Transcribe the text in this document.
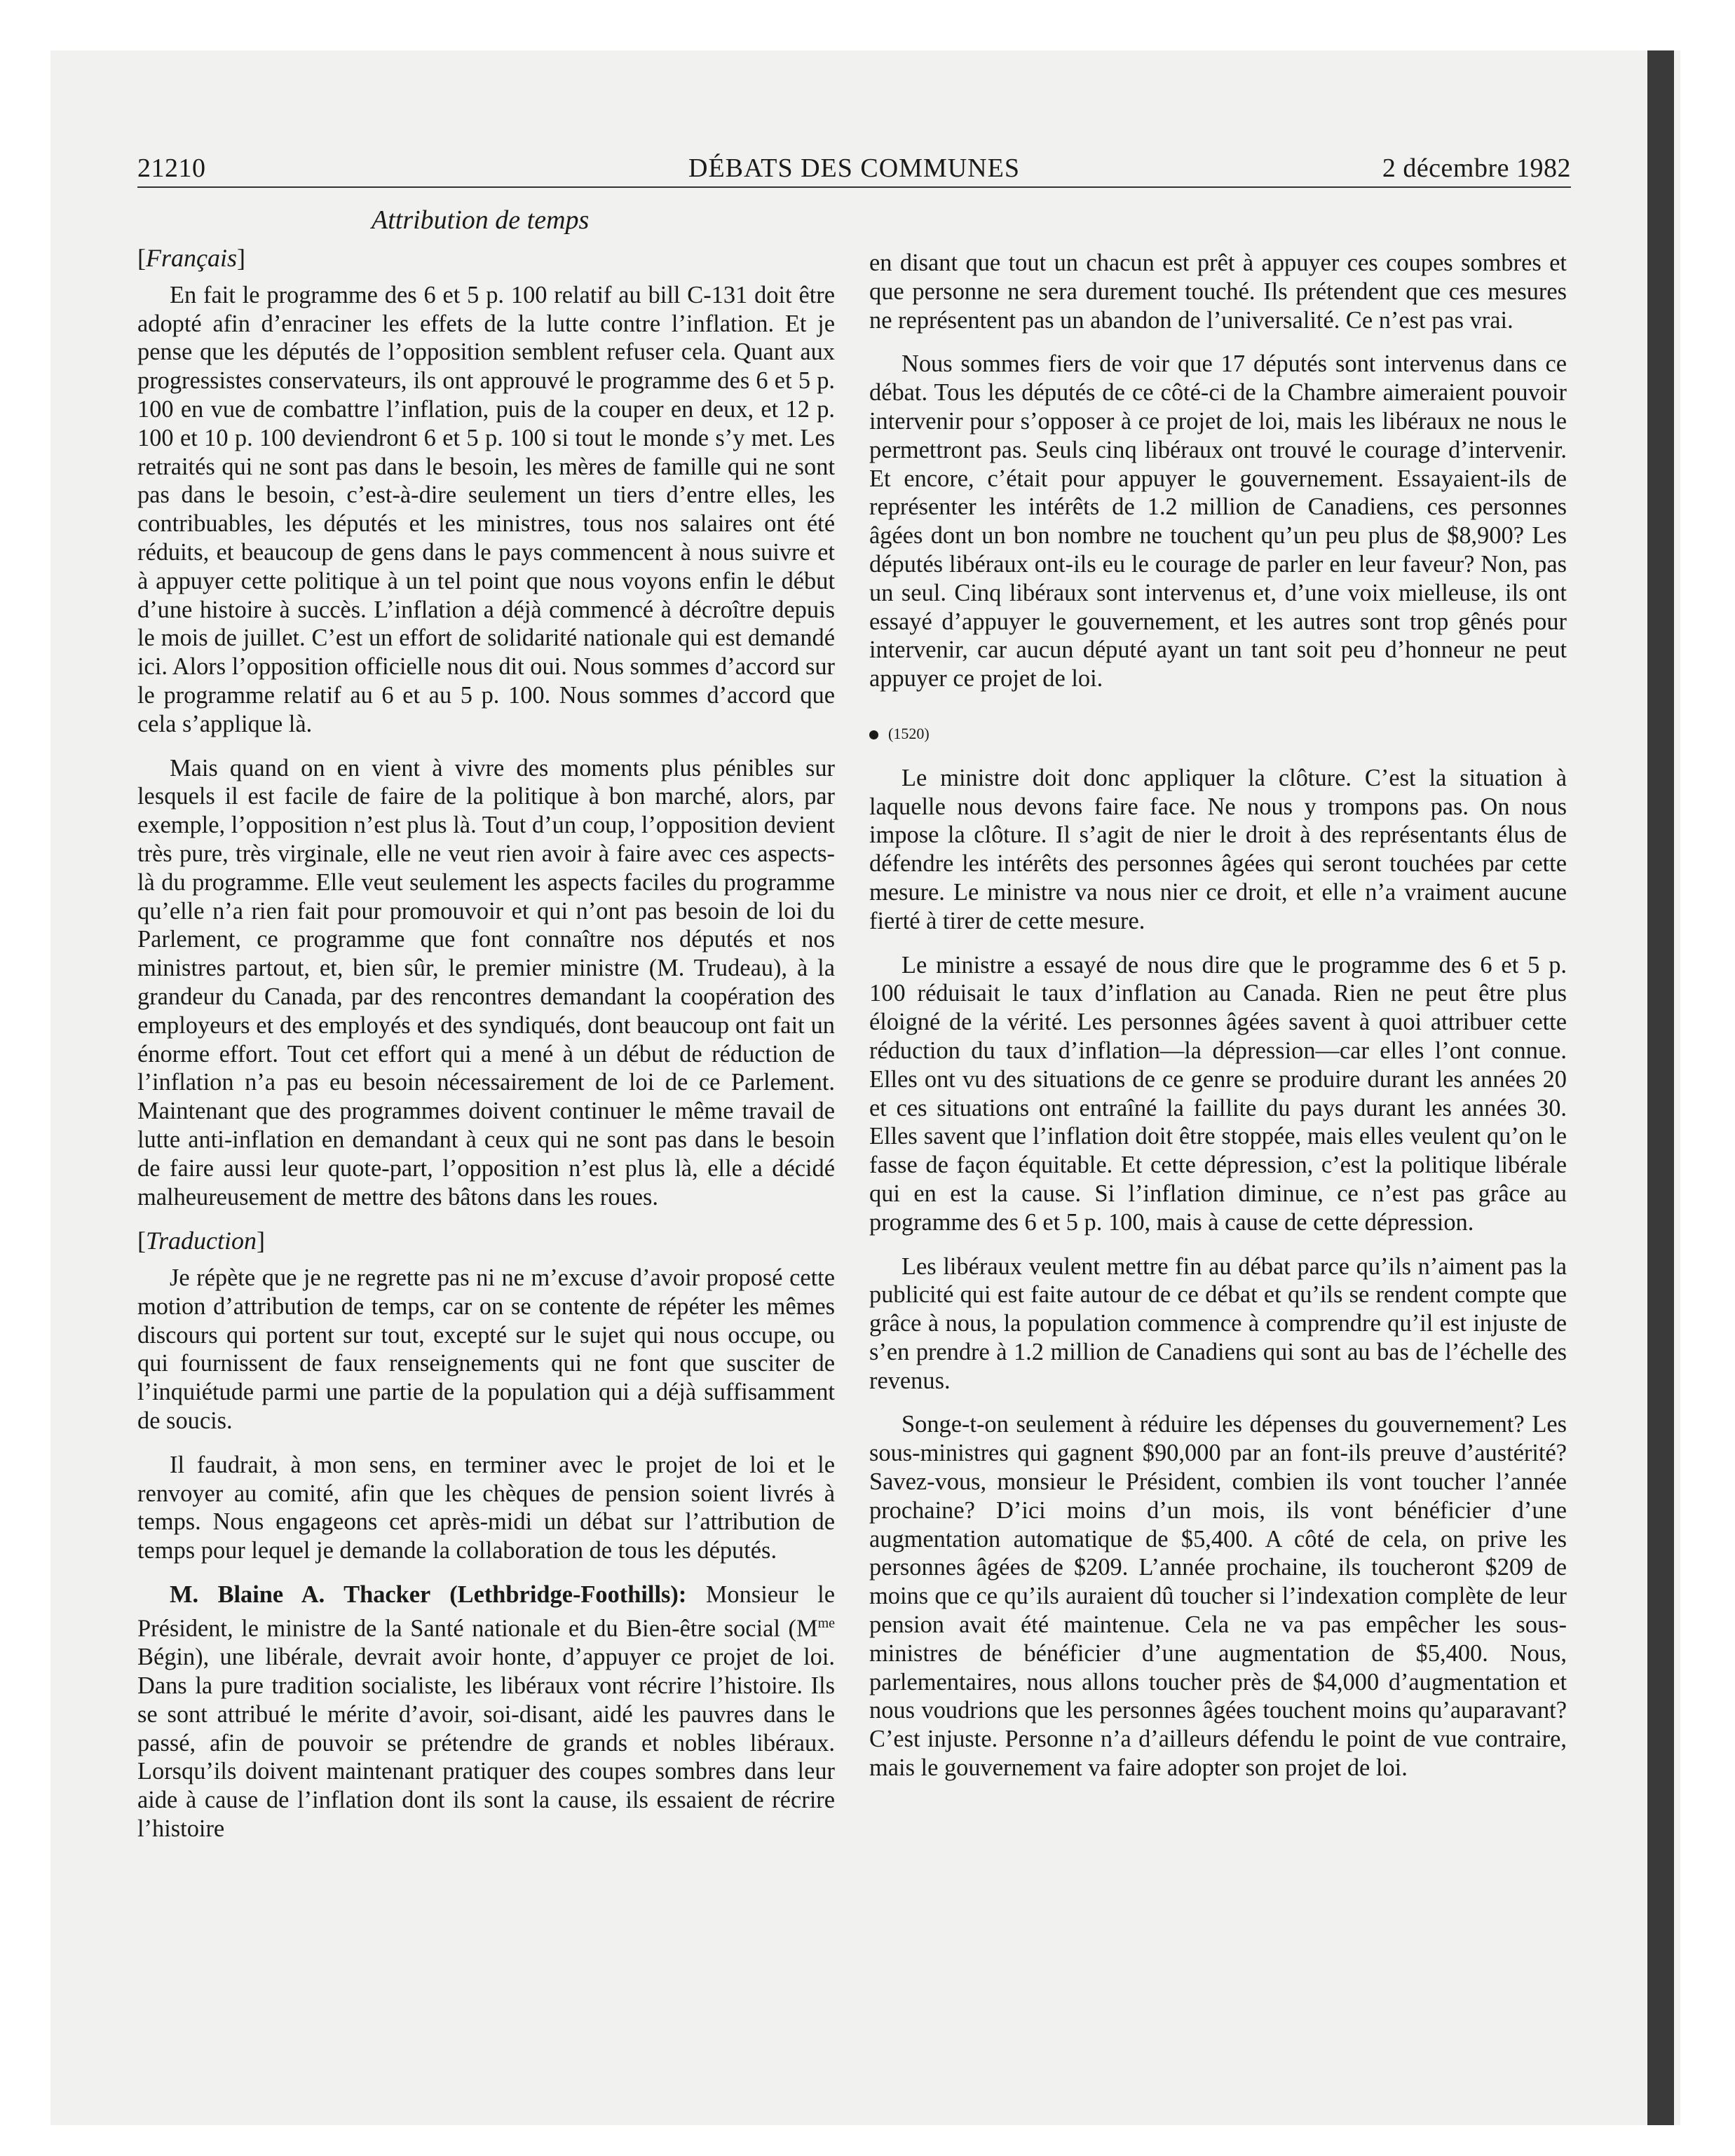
21210	DÉBATS DES COMMUNES	2 décembre 1982
Attribution de temps

[Français]

En fait le programme des 6 et 5 p. 100 relatif au bill C-131 doit être adopté afin d’enraciner les effets de la lutte contre l’inflation. Et je pense que les députés de l’opposition semblent refuser cela. Quant aux progressistes conservateurs, ils ont approuvé le programme des 6 et 5 p. 100 en vue de combattre l’inflation, puis de la couper en deux, et 12 p. 100 et 10 p. 100 deviendront 6 et 5 p. 100 si tout le monde s’y met. Les retraités qui ne sont pas dans le besoin, les mères de famille qui ne sont pas dans le besoin, c’est-à-dire seulement un tiers d’entre elles, les contribuables, les députés et les ministres, tous nos salaires ont été réduits, et beaucoup de gens dans le pays commencent à nous suivre et à appuyer cette politique à un tel point que nous voyons enfin le début d’une histoire à succès. L’inflation a déjà commencé à décroître depuis le mois de juillet. C’est un effort de solidarité nationale qui est demandé ici. Alors l’opposition officielle nous dit oui. Nous sommes d’accord sur le programme relatif au 6 et au 5 p. 100. Nous sommes d’accord que cela s’applique là.

Mais quand on en vient à vivre des moments plus pénibles sur lesquels il est facile de faire de la politique à bon marché, alors, par exemple, l’opposition n’est plus là. Tout d’un coup, l’opposition devient très pure, très virginale, elle ne veut rien avoir à faire avec ces aspects-là du programme. Elle veut seulement les aspects faciles du programme qu’elle n’a rien fait pour promouvoir et qui n’ont pas besoin de loi du Parlement, ce programme que font connaître nos députés et nos ministres partout, et, bien sûr, le premier ministre (M. Trudeau), à la grandeur du Canada, par des rencontres demandant la coopération des employeurs et des employés et des syndiqués, dont beaucoup ont fait un énorme effort. Tout cet effort qui a mené à un début de réduction de l’inflation n’a pas eu besoin nécessairement de loi de ce Parlement. Maintenant que des programmes doivent continuer le même travail de lutte anti-inflation en demandant à ceux qui ne sont pas dans le besoin de faire aussi leur quote-part, l’opposition n’est plus là, elle a décidé malheureusement de mettre des bâtons dans les roues.

[Traduction]

Je répète que je ne regrette pas ni ne m’excuse d’avoir proposé cette motion d’attribution de temps, car on se contente de répéter les mêmes discours qui portent sur tout, excepté sur le sujet qui nous occupe, ou qui fournissent de faux renseignements qui ne font que susciter de l’inquiétude parmi une partie de la population qui a déjà suffisamment de soucis.

Il faudrait, à mon sens, en terminer avec le projet de loi et le renvoyer au comité, afin que les chèques de pension soient livrés à temps. Nous engageons cet après-midi un débat sur l’attribution de temps pour lequel je demande la collaboration de tous les députés.

M. Blaine A. Thacker (Lethbridge-Foothills): Monsieur le Président, le ministre de la Santé nationale et du Bien-être social ($M^{me}$ Bégin), une libérale, devrait avoir honte, d’appuyer ce projet de loi. Dans la pure tradition socialiste, les libéraux vont récrire l’histoire. Ils se sont attribué le mérite d’avoir, soi-disant, aidé les pauvres dans le passé, afin de pouvoir se prétendre de grands et nobles libéraux. Lorsqu’ils doivent maintenant pratiquer des coupes sombres dans leur aide à cause de l’inflation dont ils sont la cause, ils essaient de récrire l’histoire

en disant que tout un chacun est prêt à appuyer ces coupes sombres et que personne ne sera durement touché. Ils prétendent que ces mesures ne représentent pas un abandon de l’universalité. Ce n’est pas vrai.

Nous sommes fiers de voir que 17 députés sont intervenus dans ce débat. Tous les députés de ce côté-ci de la Chambre aimeraient pouvoir intervenir pour s’opposer à ce projet de loi, mais les libéraux ne nous le permettront pas. Seuls cinq libéraux ont trouvé le courage d’intervenir. Et encore, c’était pour appuyer le gouvernement. Essayaient-ils de représenter les intérêts de 1.2 million de Canadiens, ces personnes âgées dont un bon nombre ne touchent qu’un peu plus de $8,900? Les députés libéraux ont-ils eu le courage de parler en leur faveur? Non, pas un seul. Cinq libéraux sont intervenus et, d’une voix mielleuse, ils ont essayé d’appuyer le gouvernement, et les autres sont trop gênés pour intervenir, car aucun député ayant un tant soit peu d’honneur ne peut appuyer ce projet de loi.

(1520)

Le ministre doit donc appliquer la clôture. C’est la situation à laquelle nous devons faire face. Ne nous y trompons pas. On nous impose la clôture. Il s’agit de nier le droit à des représentants élus de défendre les intérêts des personnes âgées qui seront touchées par cette mesure. Le ministre va nous nier ce droit, et elle n’a vraiment aucune fierté à tirer de cette mesure.

Le ministre a essayé de nous dire que le programme des 6 et 5 p. 100 réduisait le taux d’inflation au Canada. Rien ne peut être plus éloigné de la vérité. Les personnes âgées savent à quoi attribuer cette réduction du taux d’inflation—la dépression—car elles l’ont connue. Elles ont vu des situations de ce genre se produire durant les années 20 et ces situations ont entraîné la faillite du pays durant les années 30. Elles savent que l’inflation doit être stoppée, mais elles veulent qu’on le fasse de façon équitable. Et cette dépression, c’est la politique libérale qui en est la cause. Si l’inflation diminue, ce n’est pas grâce au programme des 6 et 5 p. 100, mais à cause de cette dépression.

Les libéraux veulent mettre fin au débat parce qu’ils n’aiment pas la publicité qui est faite autour de ce débat et qu’ils se rendent compte que grâce à nous, la population commence à comprendre qu’il est injuste de s’en prendre à 1.2 million de Canadiens qui sont au bas de l’échelle des revenus.

Songe-t-on seulement à réduire les dépenses du gouvernement? Les sous-ministres qui gagnent $90,000 par an font-ils preuve d’austérité? Savez-vous, monsieur le Président, combien ils vont toucher l’année prochaine? D’ici moins d’un mois, ils vont bénéficier d’une augmentation automatique de $5,400. A côté de cela, on prive les personnes âgées de $209. L’année prochaine, ils toucheront $209 de moins que ce qu’ils auraient dû toucher si l’indexation complète de leur pension avait été maintenue. Cela ne va pas empêcher les sous-ministres de bénéficier d’une augmentation de $5,400. Nous, parlementaires, nous allons toucher près de $4,000 d’augmentation et nous voudrions que les personnes âgées touchent moins qu’auparavant? C’est injuste. Personne n’a d’ailleurs défendu le point de vue contraire, mais le gouvernement va faire adopter son projet de loi.
